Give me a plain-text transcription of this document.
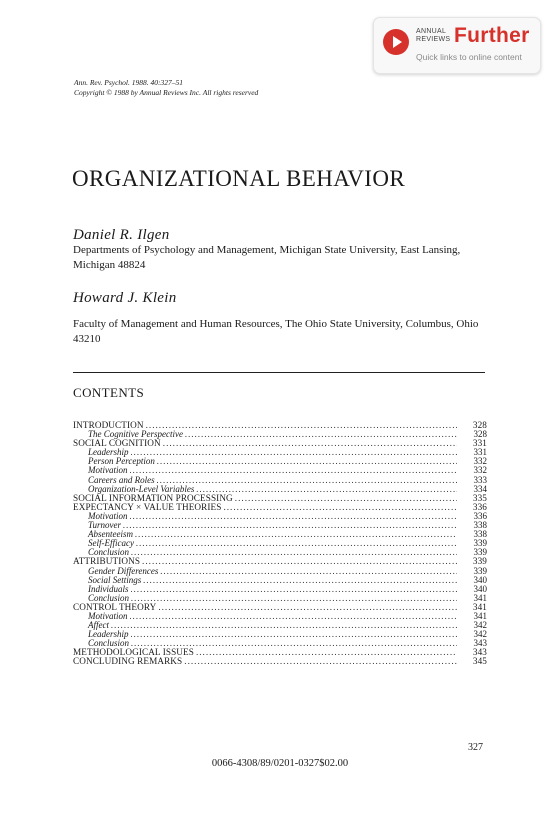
ANNUAL
REVIEWS Further
Quick links to online content
Ann. Rev. Psychol. 1988. 40:327–51
Copyright © 1988 by Annual Reviews Inc. All rights reserved
ORGANIZATIONAL BEHAVIOR
Daniel R. Ilgen
Departments of Psychology and Management, Michigan State University, East Lansing, Michigan 48824
Howard J. Klein
Faculty of Management and Human Resources, The Ohio State University, Columbus, Ohio 43210
CONTENTS
INTRODUCTION .....	328
The Cognitive Perspective .....	328
SOCIAL COGNITION .....	331
Leadership .....	331
Person Perception .....	332
Motivation .....	332
Careers and Roles .....	333
Organization-Level Variables .....	334
SOCIAL INFORMATION PROCESSING .....	335
EXPECTANCY × VALUE THEORIES .....	336
Motivation .....	336
Turnover .....	338
Absenteeism .....	338
Self-Efficacy .....	339
Conclusion .....	339
ATTRIBUTIONS .....	339
Gender Differences .....	339
Social Settings .....	340
Individuals .....	340
Conclusion .....	341
CONTROL THEORY .....	341
Motivation .....	341
Affect .....	342
Leadership .....	342
Conclusion .....	343
METHODOLOGICAL ISSUES .....	343
CONCLUDING REMARKS .....	345
327
0066-4308/89/0201-0327$02.00
